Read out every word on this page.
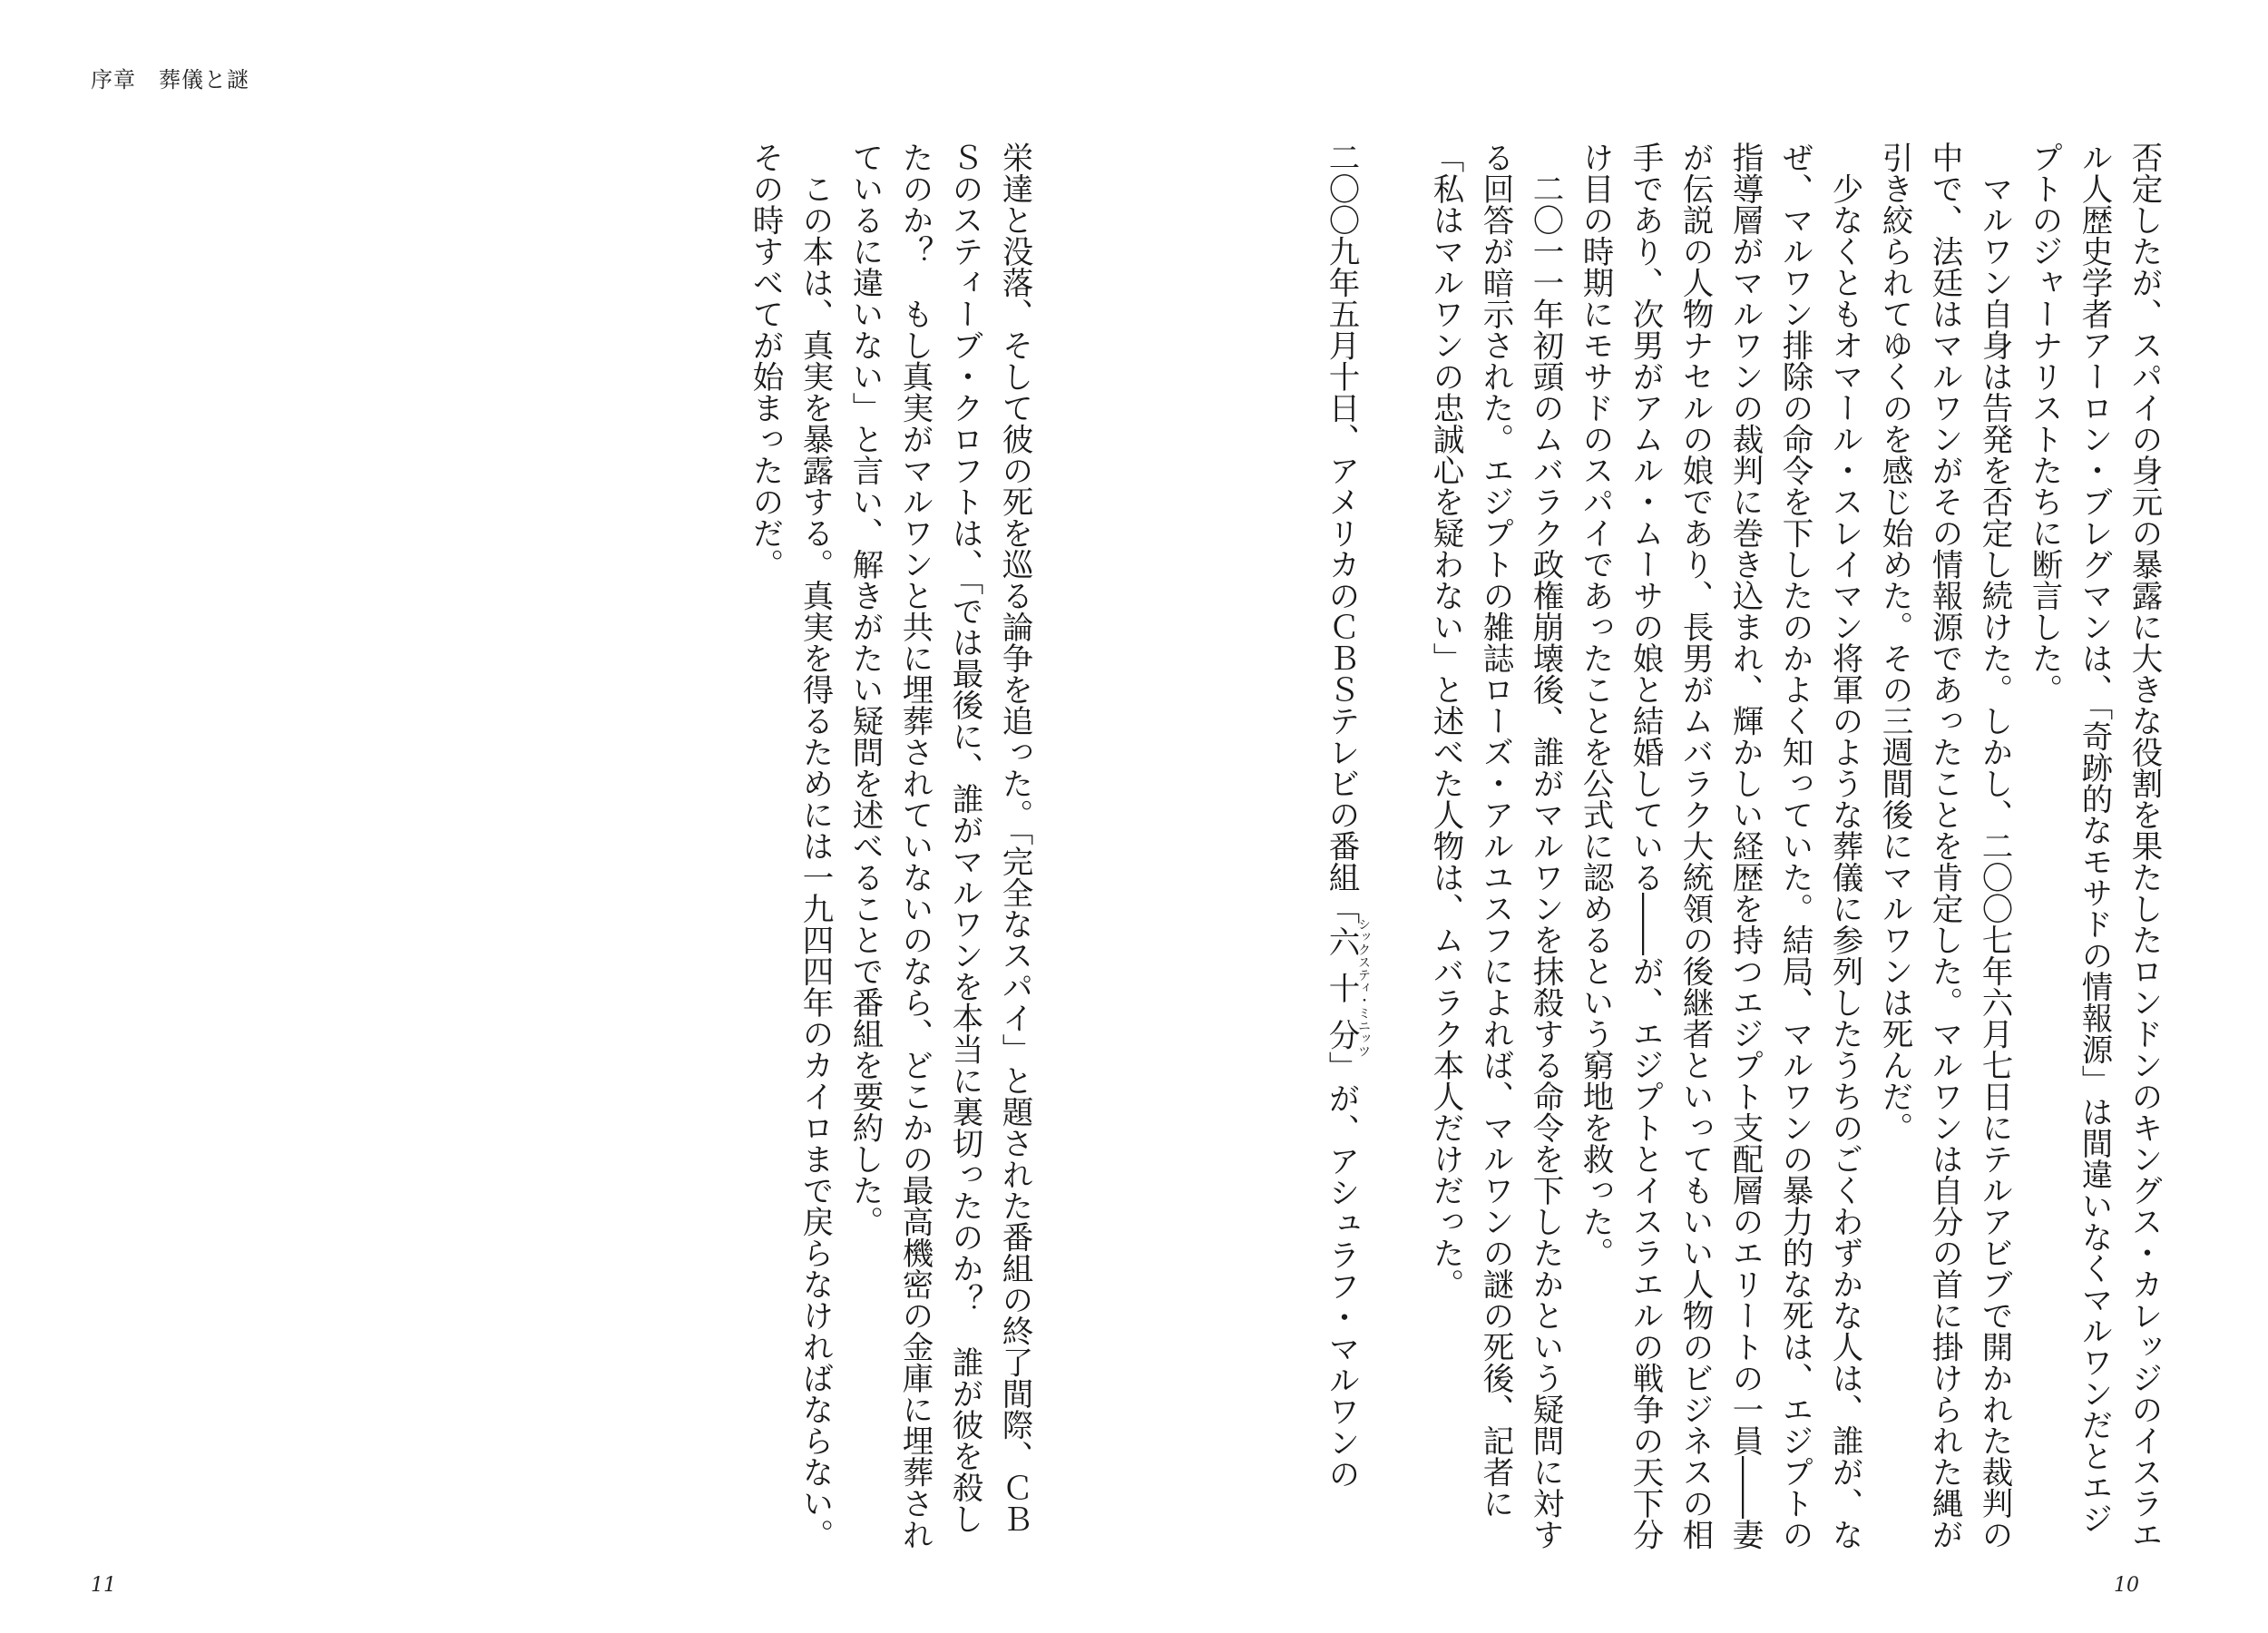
序章　葬儀と謎

否定したが、スパイの身元の暴露に大きな役割を果たしたロンドンのキングス・カレッジのイスラエル人歴史学者アーロン・ブレグマンは、「奇跡的なモサドの情報源」は間違いなくマルワンだとエジプトのジャーナリストたちに断言した。

マルワン自身は告発を否定し続けた。しかし、二〇〇七年六月七日にテルアビブで開かれた裁判の中で、法廷はマルワンがその情報源であったことを肯定した。マルワンは自分の首に掛けられた縄が引き絞られてゆくのを感じ始めた。その三週間後にマルワンは死んだ。

少なくともオマール・スレイマン将軍のような葬儀に参列したうちのごくわずかな人は、誰が、なぜ、マルワン排除の命令を下したのかよく知っていた。結局、マルワンの暴力的な死は、エジプトの指導層がマルワンの裁判に巻き込まれ、輝かしい経歴を持つエジプト支配層のエリートの一員――妻が伝説の人物ナセルの娘であり、長男がムバラク大統領の後継者といってもいい人物のビジネスの相手であり、次男がアムル・ムーサの娘と結婚している――が、エジプトとイスラエルの戦争の天下分け目の時期にモサドのスパイであったことを公式に認めるという窮地を救った。

二〇一一年初頭のムバラク政権崩壊後、誰がマルワンを抹殺する命令を下したかという疑問に対する回答が暗示された。エジプトの雑誌ローズ・アルユスフによれば、マルワンの謎の死後、記者に「私はマルワンの忠誠心を疑わない」と述べた人物は、ムバラク本人だけだった。

二〇〇九年五月十日、アメリカのＣＢＳテレビの番組「六十分シックスティ・ミニッツ」が、アシュラフ・マルワンの

栄達と没落、そして彼の死を巡る論争を追った。「完全なスパイ」と題された番組の終了間際、ＣＢＳのスティーブ・クロフトは、「では最後に、誰がマルワンを本当に裏切ったのか？　誰が彼を殺したのか？　もし真実がマルワンと共に埋葬されていないのなら、どこかの最高機密の金庫に埋葬されているに違いない」と言い、解きがたい疑問を述べることで番組を要約した。

この本は、真実を暴露する。真実を得るためには一九四四年のカイロまで戻らなければならない。その時すべてが始まったのだ。

11	10
